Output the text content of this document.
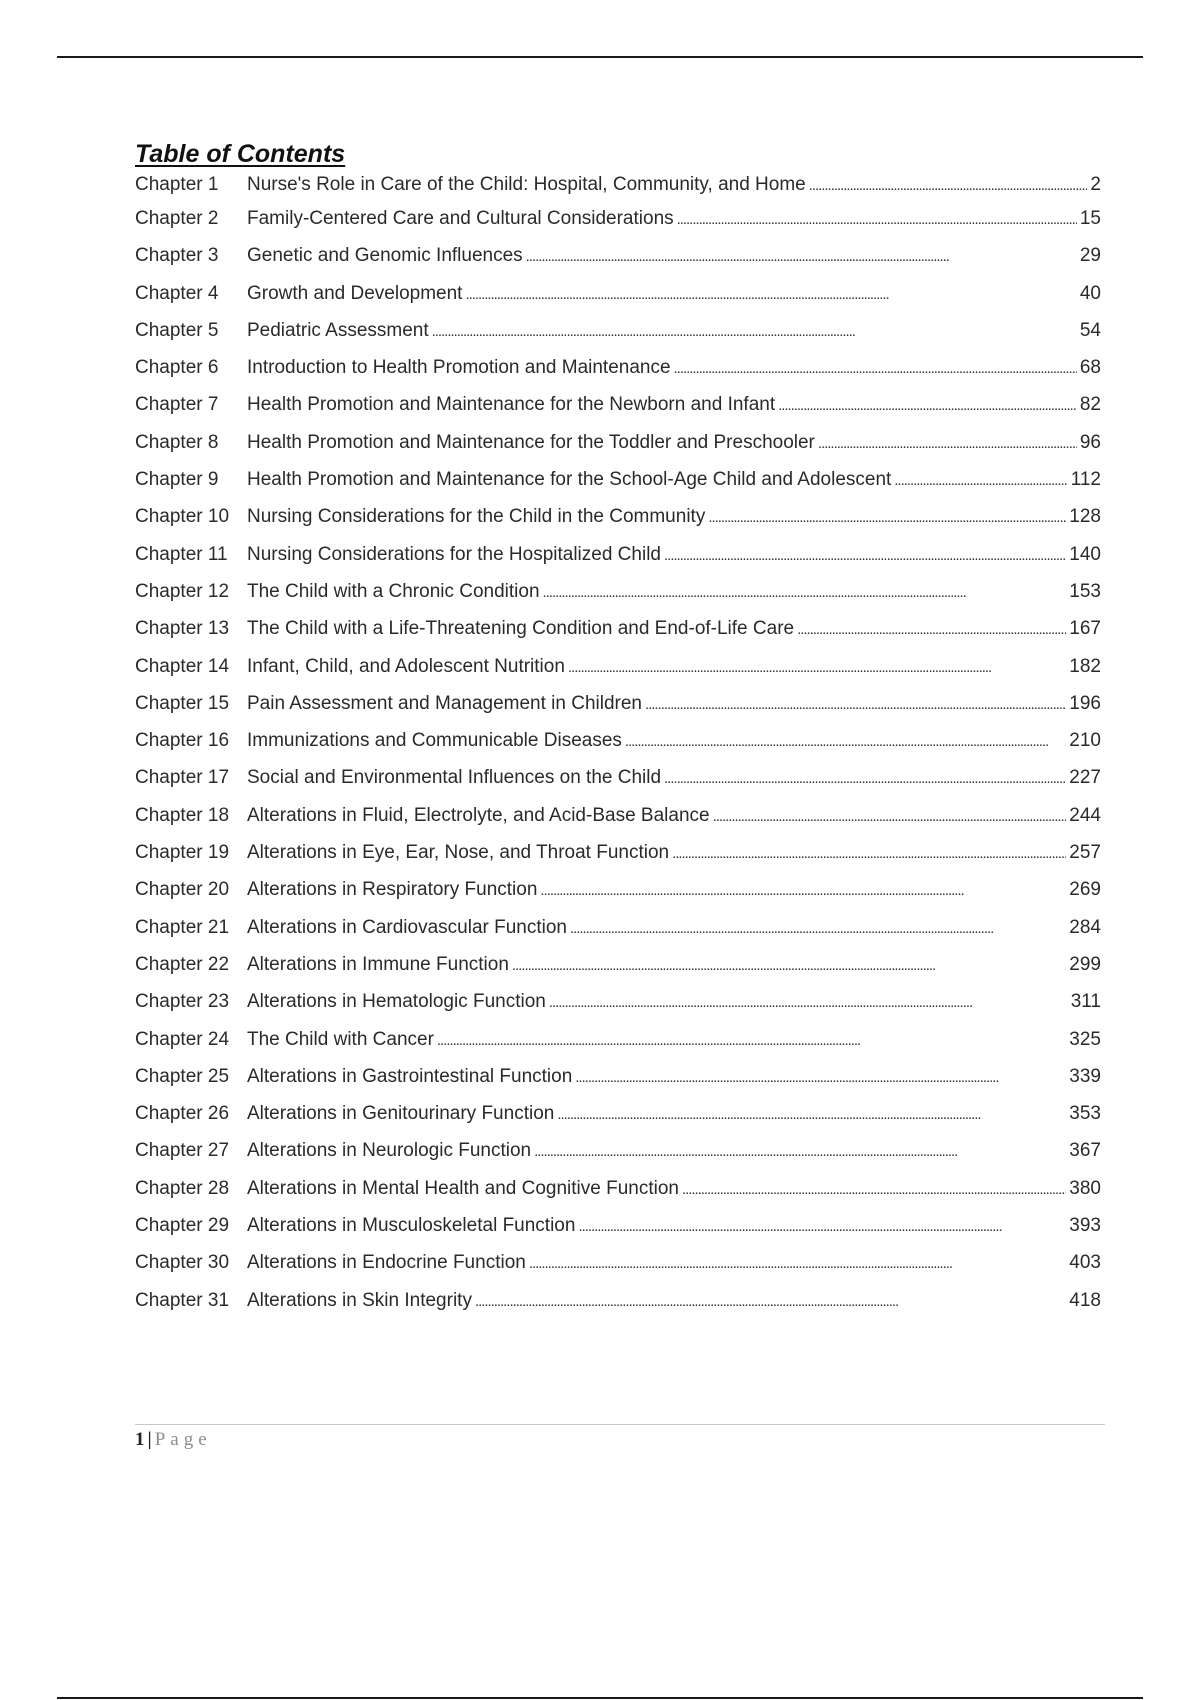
Table of Contents
Chapter 1	Nurse's Role in Care of the Child: Hospital, Community, and Home . . .	2
Chapter 2	Family-Centered Care and Cultural Considerations . . .	15
Chapter 3	Genetic and Genomic Influences . . .	29
Chapter 4	Growth and Development . . .	40
Chapter 5	Pediatric Assessment . . .	54
Chapter 6	Introduction to Health Promotion and Maintenance . . .	68
Chapter 7	Health Promotion and Maintenance for the Newborn and Infant . . .	82
Chapter 8	Health Promotion and Maintenance for the Toddler and Preschooler . . .	96
Chapter 9	Health Promotion and Maintenance for the School-Age Child and Adolescent . . .	112
Chapter 10 Nursing Considerations for the Child in the Community . . .	128
Chapter 11	Nursing Considerations for the Hospitalized Child . . .	140
Chapter 12 The Child with a Chronic Condition . . .	153
Chapter 13 The Child with a Life-Threatening Condition and End-of-Life Care . . .	167
Chapter 14 Infant, Child, and Adolescent Nutrition . . .	182
Chapter 15 Pain Assessment and Management in Children . . .	196
Chapter 16 Immunizations and Communicable Diseases . . .	210
Chapter 17 Social and Environmental Influences on the Child . . .	227
Chapter 18 Alterations in Fluid, Electrolyte, and Acid-Base Balance . . .	244
Chapter 19 Alterations in Eye, Ear, Nose, and Throat Function . . .	257
Chapter 20 Alterations in Respiratory Function . . .	269
Chapter 21 Alterations in Cardiovascular Function . . .	284
Chapter 22 Alterations in Immune Function . . .	299
Chapter 23 Alterations in Hematologic Function . . .	311
Chapter 24 The Child with Cancer . . .	325
Chapter 25 Alterations in Gastrointestinal Function . . .	339
Chapter 26 Alterations in Genitourinary Function . . .	353
Chapter 27 Alterations in Neurologic Function . . .	367
Chapter 28 Alterations in Mental Health and Cognitive Function . . .	380
Chapter 29 Alterations in Musculoskeletal Function . . .	393
Chapter 30 Alterations in Endocrine Function . . .	403
Chapter 31 Alterations in Skin Integrity . . .	418
1 | Page
